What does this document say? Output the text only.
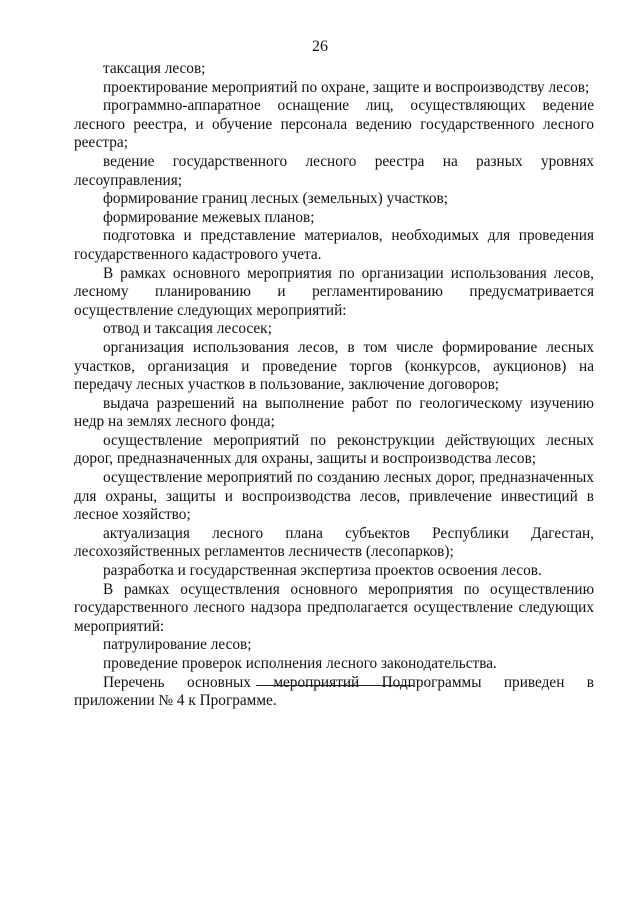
26

таксация лесов;

проектирование мероприятий по охране, защите и воспроизводству лесов;

программно-аппаратное оснащение лиц, осуществляющих ведение лесного реестра, и обучение персонала ведению государственного лесного реестра;

ведение государственного лесного реестра на разных уровнях лесоуправления;

формирование границ лесных (земельных) участков;

формирование межевых планов;

подготовка и представление материалов, необходимых для проведения государственного кадастрового учета.

В рамках основного мероприятия по организации использования лесов, лесному планированию и регламентированию предусматривается осуществление следующих мероприятий:

отвод и таксация лесосек;

организация использования лесов, в том числе формирование лесных участков, организация и проведение торгов (конкурсов, аукционов) на передачу лесных участков в пользование, заключение договоров;

выдача разрешений на выполнение работ по геологическому изучению недр на землях лесного фонда;

осуществление мероприятий по реконструкции действующих лесных дорог, предназначенных для охраны, защиты и воспроизводства лесов;

осуществление мероприятий по созданию лесных дорог, предназначенных для охраны, защиты и воспроизводства лесов, привлечение инвестиций в лесное хозяйство;

актуализация лесного плана субъектов Республики Дагестан, лесохозяйственных регламентов лесничеств (лесопарков);

разработка и государственная экспертиза проектов освоения лесов.

В рамках осуществления основного мероприятия по осуществлению государственного лесного надзора предполагается осуществление следующих мероприятий:

патрулирование лесов;

проведение проверок исполнения лесного законодательства.

Перечень основных мероприятий Подпрограммы приведен в

приложении № 4 к Программе.
